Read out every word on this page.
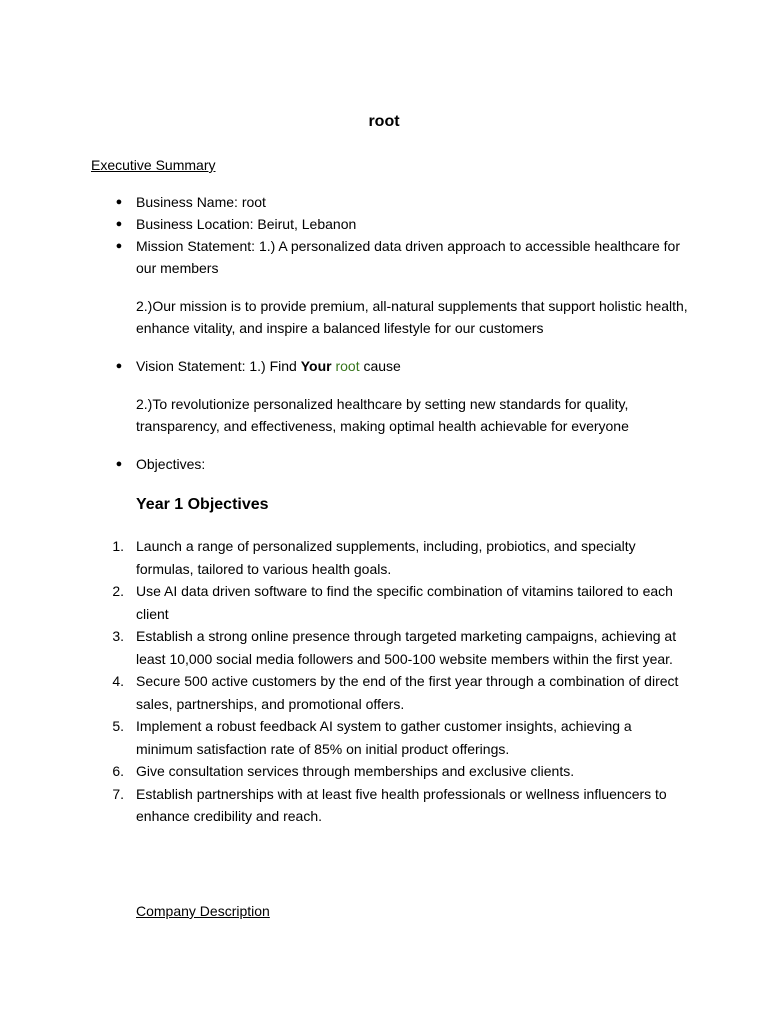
root
Executive Summary
● Business Name: root
● Business Location: Beirut, Lebanon
● Mission Statement: 1.) A personalized data driven approach to accessible healthcare for our members
2.)Our mission is to provide premium, all-natural supplements that support holistic health, enhance vitality, and inspire a balanced lifestyle for our customers
● Vision Statement: 1.) Find Your root cause
2.)To revolutionize personalized healthcare by setting new standards for quality, transparency, and effectiveness, making optimal health achievable for everyone
● Objectives:
Year 1 Objectives
1. Launch a range of personalized supplements, including, probiotics, and specialty formulas, tailored to various health goals.
2. Use AI data driven software to find the specific combination of vitamins tailored to each client
3. Establish a strong online presence through targeted marketing campaigns, achieving at least 10,000 social media followers and 500-100 website members within the first year.
4. Secure 500 active customers by the end of the first year through a combination of direct sales, partnerships, and promotional offers.
5. Implement a robust feedback AI system to gather customer insights, achieving a minimum satisfaction rate of 85% on initial product offerings.
6. Give consultation services through memberships and exclusive clients.
7. Establish partnerships with at least five health professionals or wellness influencers to enhance credibility and reach.
Company Description
